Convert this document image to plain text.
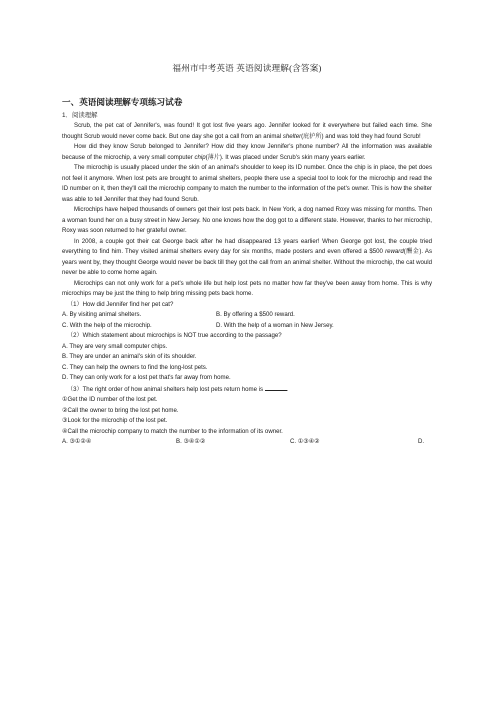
福州市中考英语 英语阅读理解(含答案)
一、英语阅读理解专项练习试卷
1．阅读理解

Scrub, the pet cat of Jennifer's, was found! It got lost five years ago. Jennifer looked for it everywhere but failed each time. She thought Scrub would never come back. But one day she got a call from an animal shelter(庇护所) and was told they had found Scrub!

How did they know Scrub belonged to Jennifer? How did they know Jennifer's phone number? All the information was available because of the microchip, a very small computer chip(薄片). It was placed under Scrub's skin many years earlier.

The microchip is usually placed under the skin of an animal's shoulder to keep its ID number. Once the chip is in place, the pet does not feel it anymore. When lost pets are brought to animal shelters, people there use a special tool to look for the microchip and read the ID number on it, then they'll call the microchip company to match the number to the information of the pet's owner. This is how the shelter was able to tell Jennifer that they had found Scrub.

Microchips have helped thousands of owners get their lost pets back. In New York, a dog named Roxy was missing for months. Then a woman found her on a busy street in New Jersey. No one knows how the dog got to a different state. However, thanks to her microchip, Roxy was soon returned to her grateful owner.

In 2008, a couple got their cat George back after he had disappeared 13 years earlier! When George got lost, the couple tried everything to find him. They visited animal shelters every day for six months, made posters and even offered a $500 reward(酬金). As years went by, they thought George would never be back till they got the call from an animal shelter. Without the microchip, the cat would never be able to come home again.

Microchips can not only work for a pet's whole life but help lost pets no matter how far they've been away from home. This is why microchips may be just the thing to help bring missing pets back home.

（1）How did Jennifer find her pet cat?
A. By visiting animal shelters.	B. By offering a $500 reward.
C. With the help of the microchip.	D. With the help of a woman in New Jersey.
（2）Which statement about microchips is NOT true according to the passage?
A. They are very small computer chips.
B. They are under an animal's skin of its shoulder.
C. They can help the owners to find the long-lost pets.
D. They can only work for a lost pet that's far away from home.
（3）The right order of how animal shelters help lost pets return home is	.
①Get the ID number of the lost pet.
②Call the owner to bring the lost pet home.
③Look for the microchip of the lost pet.
④Call the microchip company to match the number to the information of its owner.
A. ③①②④	B. ③④①②	C. ①③④②	D.
